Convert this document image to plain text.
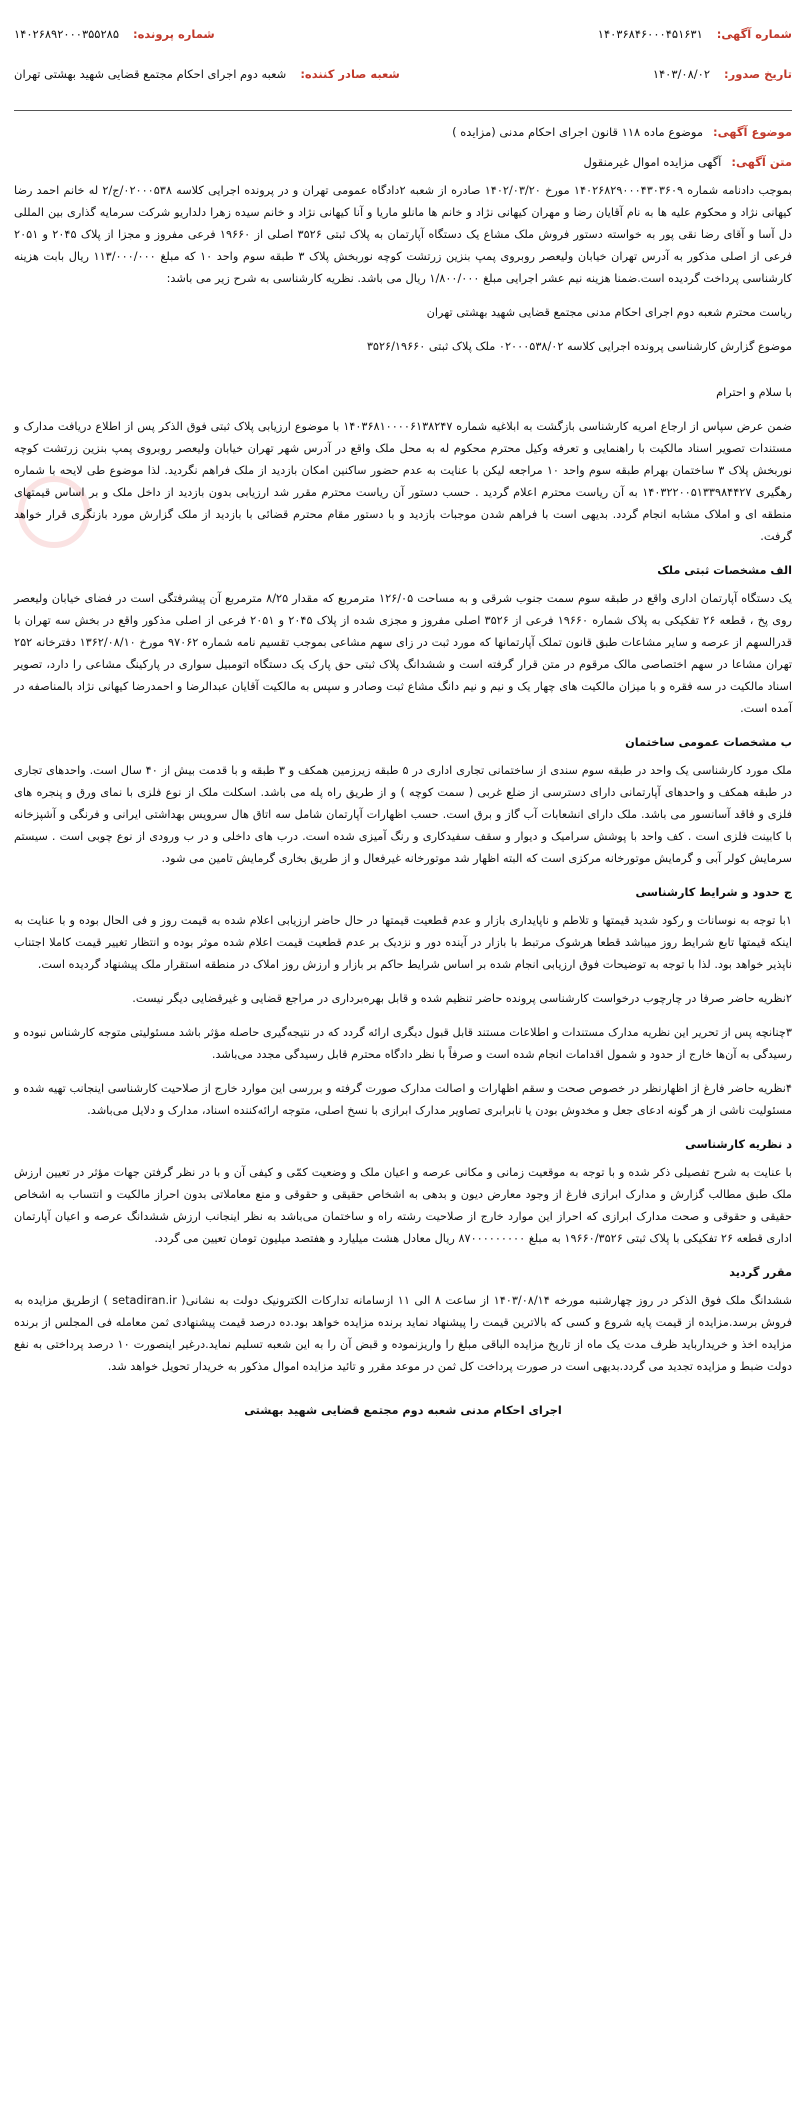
شماره آگهی:
۱۴۰۳۶۸۴۶۰۰۰۴۵۱۶۳۱
شماره پرونده:
۱۴۰۲۶۸۹۲۰۰۰۳۵۵۲۸۵
تاریخ صدور:
۱۴۰۳/۰۸/۰۲
شعبه صادر کننده:
شعبه دوم اجرای احکام مجتمع قضایی شهید بهشتی تهران
موضوع آگهی:
موضوع ماده ۱۱۸ قانون اجرای احکام مدنی (مزایده )
متن آگهی:
آگهی مزایده اموال غیرمنقول

بموجب دادنامه شماره ۱۴۰۲۶۸۲۹۰۰۰۴۳۰۳۶۰۹ مورخ ۱۴۰۲/۰۳/۲۰ صادره از شعبه ۲دادگاه عمومی تهران و در پرونده اجرایی کلاسه ۰۲۰۰۰۵۳۸/ج/۲ له خانم احمد رضا کیهانی نژاد و محکوم علیه ها به نام آقایان رضا و مهران کیهانی نژاد و خانم ها مانلو ماریا و آنا کیهانی نژاد و خانم سیده زهرا دلداریو شرکت سرمایه گذاری بین المللی دل آسا و آقای رضا نقی پور به خواسته دستور فروش ملک مشاع یک دستگاه آپارتمان به پلاک ثبتی ۳۵۲۶ اصلی از ۱۹۶۶۰ فرعی مفروز و مجزا از پلاک ۲۰۴۵ و ۲۰۵۱ فرعی از اصلی مذکور به آدرس تهران خیابان ولیعصر روبروی پمپ بنزین زرتشت کوچه نوربخش پلاک ۳ طبقه سوم واحد ۱۰ که مبلغ ۱۱۳/۰۰۰/۰۰۰ ریال بابت هزینه کارشناسی پرداخت گردیده است.ضمنا هزینه نیم عشر اجرایی مبلغ ۱/۸۰۰/۰۰۰ ریال می باشد. نظریه کارشناسی به شرح زیر می باشد:

ریاست محترم شعبه دوم اجرای احکام مدنی مجتمع قضایی شهید بهشتی تهران

موضوع گزارش کارشناسی پرونده اجرایی کلاسه ۰۲۰۰۰۵۳۸/۰۲ ملک پلاک ثبتی ۳۵۲۶/۱۹۶۶۰

با سلام و احترام

ضمن عرض سپاس از ارجاع امریه کارشناسی بازگشت به ابلاغیه شماره ۱۴۰۳۶۸۱۰۰۰۰۶۱۳۸۲۴۷ با موضوع ارزیابی پلاک ثبتی فوق الذکر پس از اطلاع دریافت مدارک و مستندات تصویر اسناد مالکیت با راهنمایی و تعرفه وکیل محترم محکوم له به محل ملک واقع در آدرس شهر تهران خیابان ولیعصر روبروی پمپ بنزین زرتشت کوچه نوربخش پلاک ۳ ساختمان بهرام طبقه سوم واحد ۱۰ مراجعه لیکن با عنایت به عدم حضور ساکنین امکان بازدید از ملک فراهم نگردید. لذا موضوع طی لایحه با شماره رهگیری ۱۴۰۳۲۲۰۰۵۱۳۳۹۸۴۴۲۷ به آن ریاست محترم اعلام گردید . حسب دستور آن ریاست محترم مقرر شد ارزیابی بدون بازدید از داخل ملک و بر اساس قیمتهای منطقه ای و املاک مشابه انجام گردد. بدیهی است با فراهم شدن موجبات بازدید و با دستور مقام محترم قضائی با بازدید از ملک گزارش مورد بازنگری قرار خواهد گرفت.

الف مشخصات ثبتی ملک

یک دستگاه آپارتمان اداری واقع در طبقه سوم سمت جنوب شرقی و به مساحت ۱۲۶/۰۵ مترمربع که مقدار ۸/۲۵ مترمربع آن پیشرفتگی است در فضای خیابان ولیعصر روی پخ ، قطعه ۲۶ تفکیکی به پلاک شماره ۱۹۶۶۰ فرعی از ۳۵۲۶ اصلی مفروز و مجزی شده از پلاک ۲۰۴۵ و ۲۰۵۱ فرعی از اصلی مذکور واقع در بخش سه تهران با قدرالسهم از عرصه و سایر مشاعات طبق قانون تملک آپارتمانها که مورد ثبت در زای سهم مشاعی بموجب تقسیم نامه شماره ۹۷۰۶۲ مورخ ۱۳۶۲/۰۸/۱۰ دفترخانه ۲۵۲ تهران مشاعا در سهم اختصاصی مالک مرقوم در متن قرار گرفته است و ششدانگ پلاک ثبتی حق پارک یک دستگاه اتومبیل سواری در پارکینگ مشاعی را دارد، تصویر اسناد مالکیت در سه فقره و با میزان مالکیت های چهار یک و نیم و نیم دانگ مشاع ثبت وصادر و سپس به مالکیت آقایان عبدالرضا و احمدرضا کیهانی نژاد بالمناصفه در آمده است.

ب مشخصات عمومی ساختمان

ملک مورد کارشناسی یک واحد در طبقه سوم سندی از ساختمانی تجاری اداری در ۵ طبقه زیرزمین همکف و ۳ طبقه و با قدمت بیش از ۴۰ سال است. واحدهای تجاری در طبقه همکف و واحدهای آپارتمانی دارای دسترسی از ضلع غربی ( سمت کوچه ) و از طریق راه پله می باشد. اسکلت ملک از نوع فلزی با نمای ورق و پنجره های فلزی و فاقد آسانسور می باشد. ملک دارای انشعابات آب گاز و برق است. حسب اظهارات آپارتمان شامل سه اتاق هال سرویس بهداشتی ایرانی و فرنگی و آشپزخانه با کابینت فلزی است . کف واحد با پوشش سرامیک و دیوار و سقف سفیدکاری و رنگ آمیزی شده است. درب های داخلی و در ب ورودی از نوع چوبی است . سیستم سرمایش کولر آبی و گرمایش موتورخانه مرکزی است که البته اظهار شد موتورخانه غیرفعال و از طریق بخاری گرمایش تامین می شود.

ج حدود و شرایط کارشناسی

۱با توجه به نوسانات و رکود شدید قیمتها و تلاطم و ناپایداری بازار و عدم قطعیت قیمتها در حال حاضر ارزیابی اعلام شده به قیمت روز و فی الحال بوده و با عنایت به اینکه قیمتها تابع شرایط روز میباشد قطعا هرشوک مرتبط با بازار در آینده دور و نزدیک بر عدم قطعیت قیمت اعلام شده موثر بوده و انتظار تغییر قیمت کاملا اجتناب ناپذیر خواهد بود. لذا با توجه به توضیحات فوق ارزیابی انجام شده بر اساس شرایط حاکم بر بازار و ارزش روز املاک در منطقه استقرار ملک پیشنهاد گردیده است.

۲نظریه حاضر صرفا در چارچوب درخواست کارشناسی پرونده حاضر تنظیم شده و قابل بهره‌برداری در مراجع قضایی و غیرقضایی دیگر نیست.

۳چنانچه پس از تحریر این نظریه مدارک مستندات و اطلاعات مستند قابل قبول دیگری ارائه گردد که در نتیجه‌گیری حاصله مؤثر باشد مسئولیتی متوجه کارشناس نبوده و رسیدگی به آن‌ها خارج از حدود و شمول اقدامات انجام شده است و صرفاً با نظر دادگاه محترم قابل رسیدگی مجدد می‌باشد.

۴نظریه حاضر فارغ از اظهارنظر در خصوص صحت و سقم اظهارات و اصالت مدارک صورت گرفته و بررسی این موارد خارج از صلاحیت کارشناسی اینجانب تهیه شده و مسئولیت ناشی از هر گونه ادعای جعل و مخدوش بودن یا نابرابری تصاویر مدارک ابرازی با نسخ اصلی، متوجه ارائه‌کننده اسناد، مدارک و دلایل می‌باشد.

د نظریه کارشناسی

با عنایت به شرح تفصیلی ذکر شده و با توجه به موقعیت زمانی و مکانی عرصه و اعیان ملک و وضعیت کمّی و کیفی آن و با در نظر گرفتن جهات مؤثر در تعیین ارزش ملک طبق مطالب گزارش و مدارک ابرازی فارغ از وجود معارض دیون و بدهی به اشخاص حقیقی و حقوقی و منع معاملاتی بدون احراز مالکیت و انتساب به اشخاص حقیقی و حقوقی و صحت مدارک ابرازی که احراز این موارد خارج از صلاحیت رشته راه و ساختمان می‌باشد به نظر اینجانب ارزش ششدانگ عرصه و اعیان آپارتمان اداری قطعه ۲۶ تفکیکی با پلاک ثبتی ۱۹۶۶۰/۳۵۲۶ به مبلغ ۸۷۰۰۰۰۰۰۰۰۰ ریال معادل هشت میلیارد و هفتصد میلیون تومان تعیین می گردد.

مقرر گردید

ششدانگ ملک فوق الذکر در روز چهارشنبه مورخه ۱۴۰۳/۰۸/۱۴ از ساعت ۸ الی ۱۱ ازسامانه تدارکات الکترونیک دولت به نشانی( setadiran.ir ) ازطریق مزایده به فروش برسد.مزایده از قیمت پایه شروع و کسی که بالاترین قیمت را پیشنهاد نماید برنده مزایده خواهد بود.ده درصد قیمت پیشنهادی ثمن معامله فی المجلس از برنده مزایده اخذ و خریدارباید ظرف مدت یک ماه از تاریخ مزایده الباقی مبلغ را واریزنموده و قبض آن را به این شعبه تسلیم نماید.درغیر اینصورت ۱۰ درصد پرداختی به نفع دولت ضبط و مزایده تجدید می گردد.بدیهی است در صورت پرداخت کل ثمن در موعد مقرر و تائید مزایده اموال مذکور به خریدار تحویل خواهد شد.

اجرای احکام مدنی شعبه دوم مجتمع قضایی شهید بهشتی
